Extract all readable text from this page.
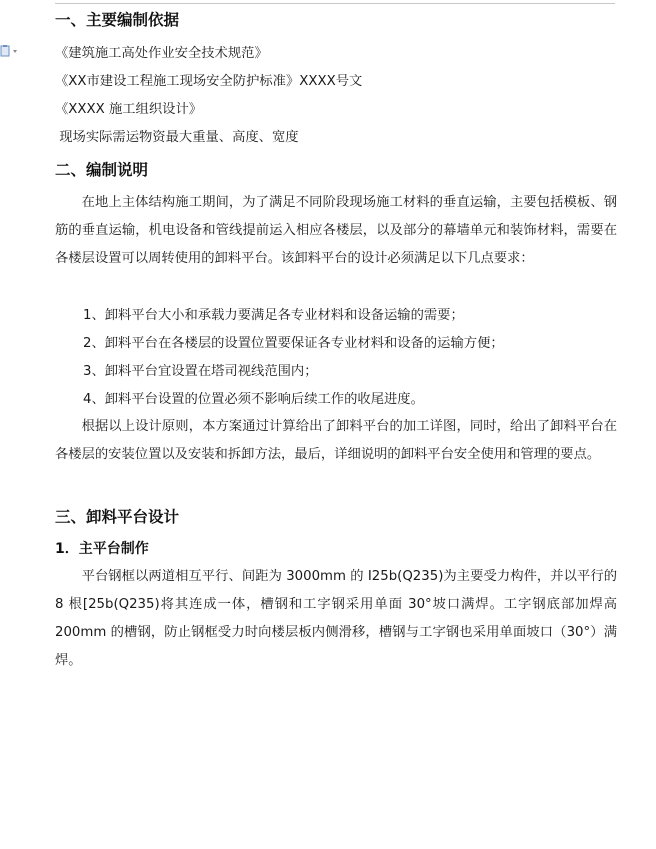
一、主要编制依据
《建筑施工高处作业安全技术规范》
《XX市建设工程施工现场安全防护标准》XXXX号文
《XXXX 施工组织设计》
现场实际需运物资最大重量、高度、宽度
二、编制说明
在地上主体结构施工期间，为了满足不同阶段现场施工材料的垂直运输，主要包括模板、钢筋的垂直运输，机电设备和管线提前运入相应各楼层，以及部分的幕墙单元和装饰材料，需要在各楼层设置可以周转使用的卸料平台。该卸料平台的设计必须满足以下几点要求：
1、卸料平台大小和承载力要满足各专业材料和设备运输的需要；
2、卸料平台在各楼层的设置位置要保证各专业材料和设备的运输方便；
3、卸料平台宜设置在塔司视线范围内；
4、卸料平台设置的位置必须不影响后续工作的收尾进度。
根据以上设计原则，本方案通过计算给出了卸料平台的加工详图，同时，给出了卸料平台在各楼层的安装位置以及安装和拆卸方法，最后，详细说明的卸料平台安全使用和管理的要点。
三、卸料平台设计
1．主平台制作
平台钢框以两道相互平行、间距为 3000mm 的 I25b(Q235)为主要受力构件，并以平行的 8 根[25b(Q235)将其连成一体，槽钢和工字钢采用单面 30°坡口满焊。工字钢底部加焊高 200mm 的槽钢，防止钢框受力时向楼层板内侧滑移，槽钢与工字钢也采用单面坡口（30°）满焊。
